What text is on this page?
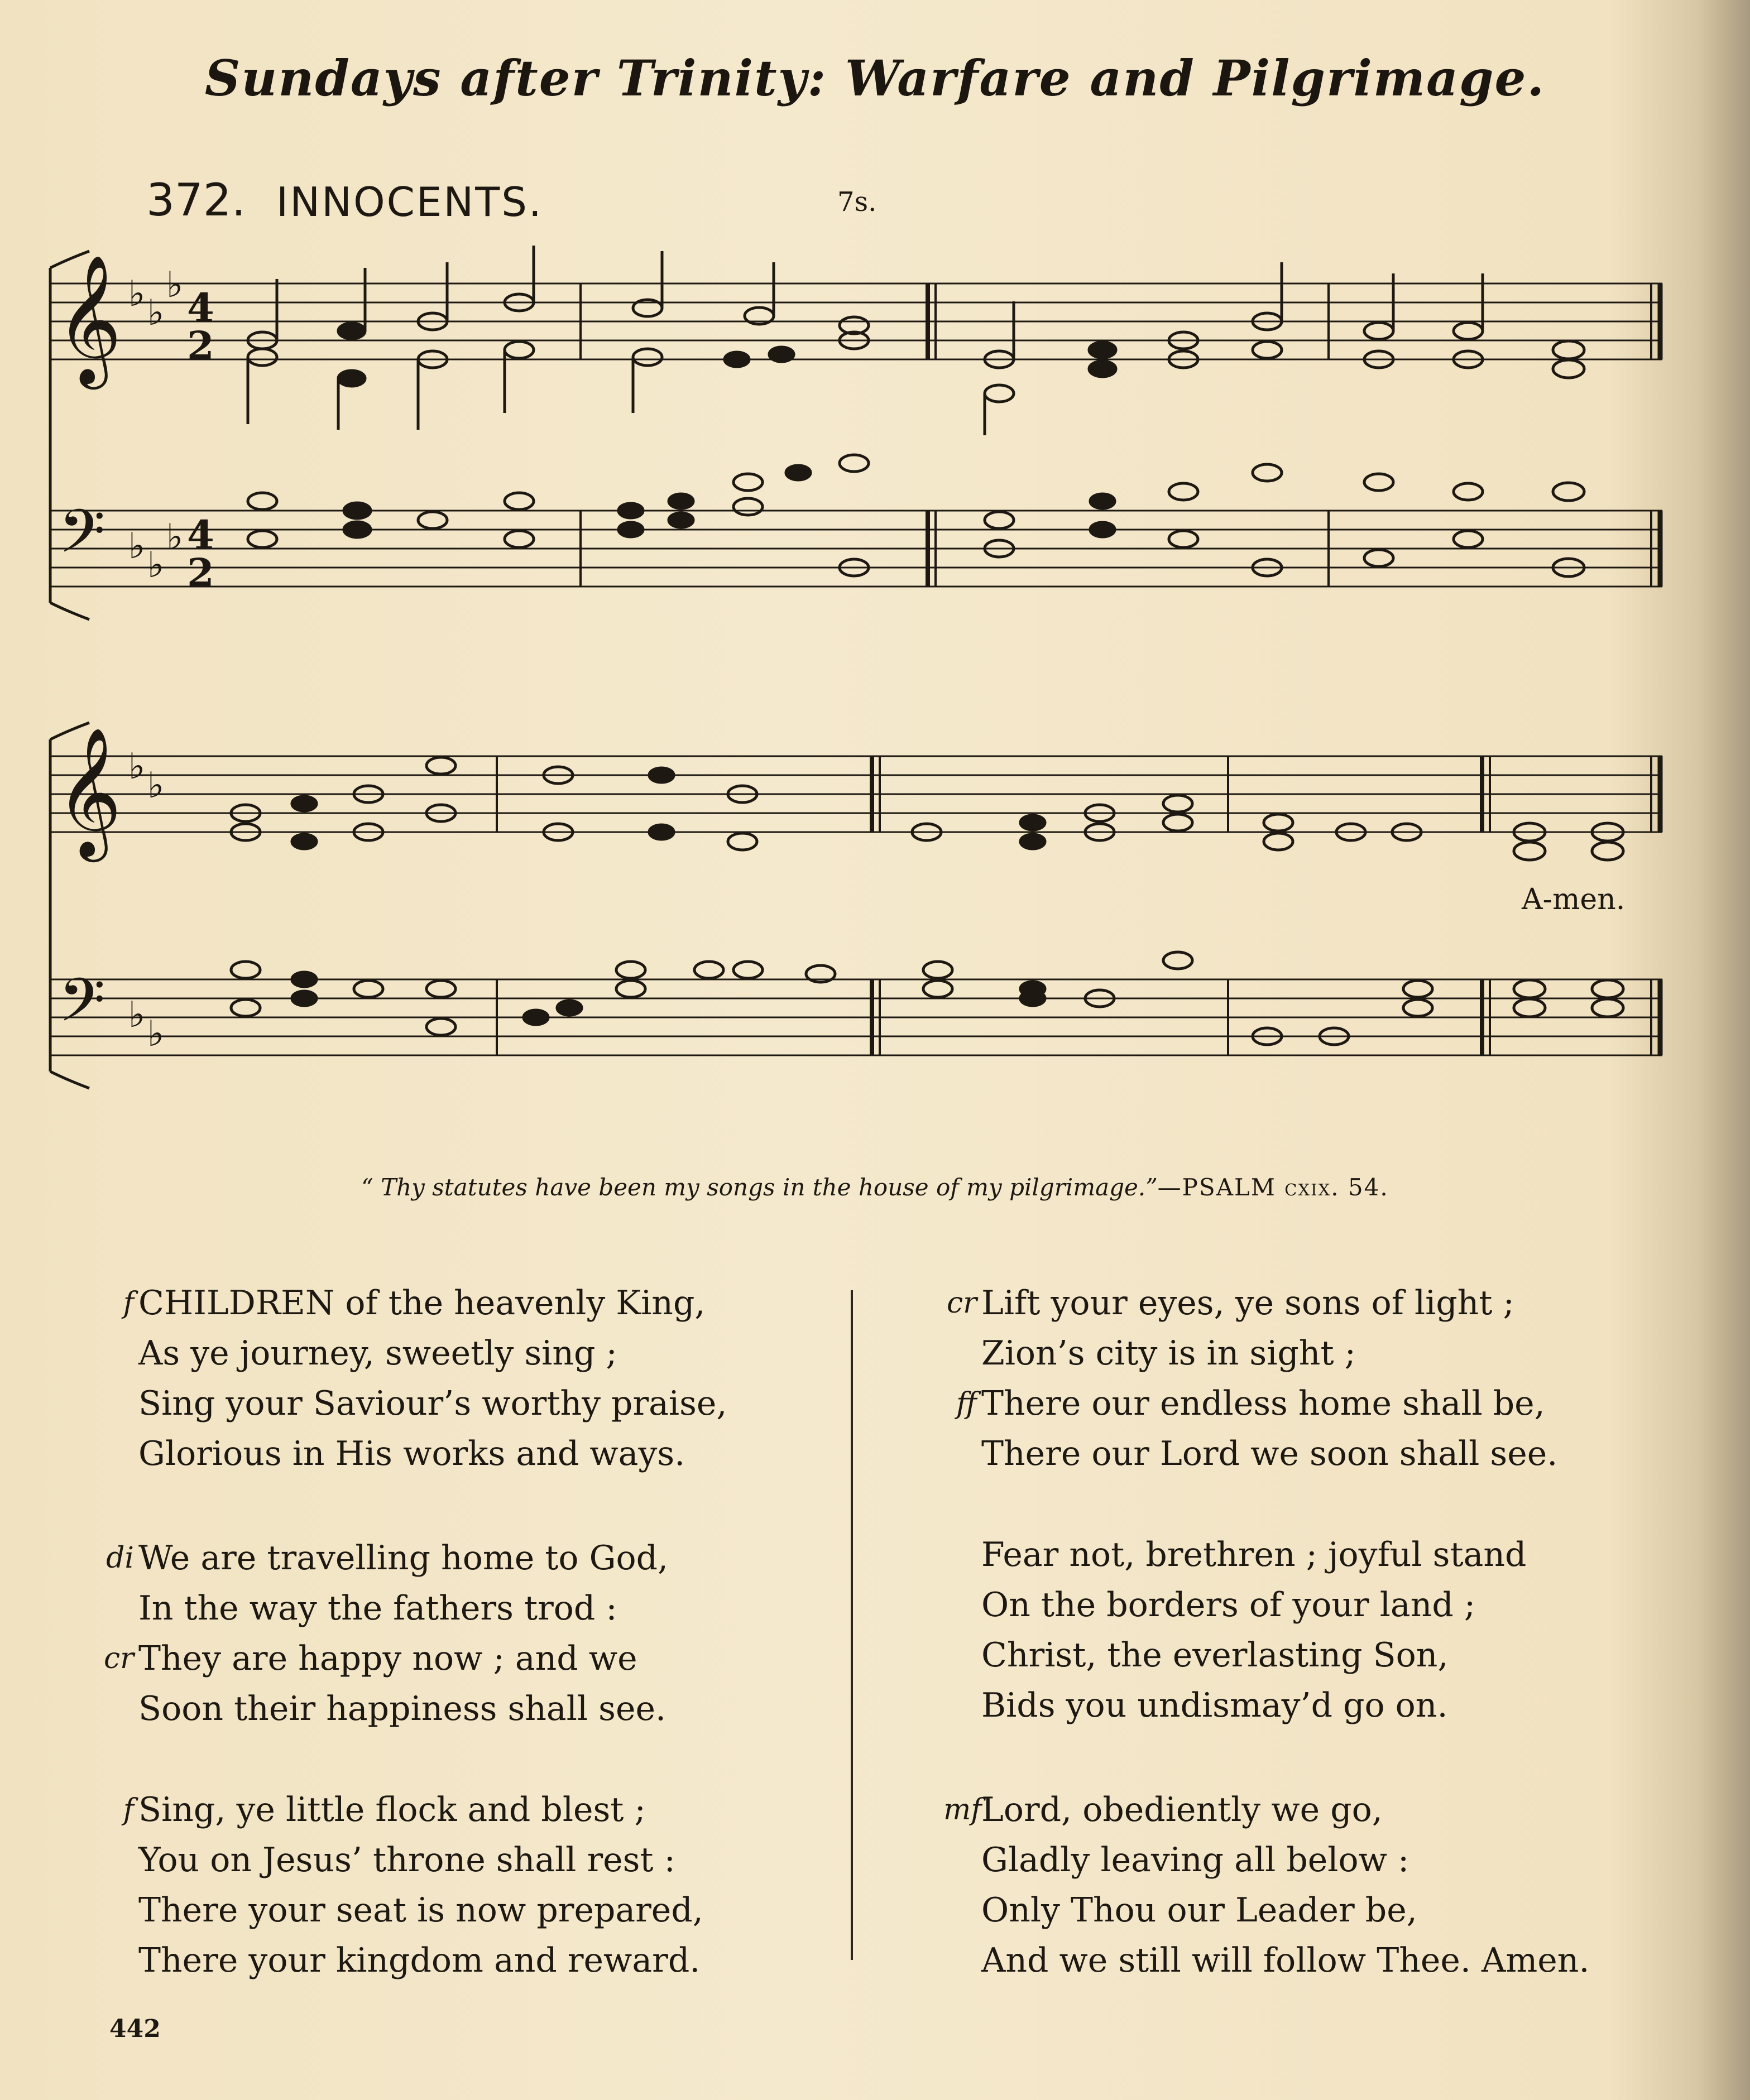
Sundays after Trinity: Warfare and Pilgrimage.
372. INNOCENTS.	7s.
𝄞
𝄢
𝄞
𝄢
♭ ♭
♭
♭ ♭
♭
♭ ♭
♭ ♭
4
2
4
2
A-men.
“ Thy statutes have been my songs in the house of my pilgrimage.”—PSALM cxix. 54.
f CHILDREN of the heavenly King,
As ye journey, sweetly sing ;
Sing your Saviour’s worthy praise,
Glorious in His works and ways.
di We are travelling home to God,
In the way the fathers trod :
cr They are happy now ; and we
Soon their happiness shall see.
f Sing, ye little flock and blest ;
You on Jesus’ throne shall rest :
There your seat is now prepared,
There your kingdom and reward.
cr Lift your eyes, ye sons of light ;
Zion’s city is in sight ;
ff There our endless home shall be,
There our Lord we soon shall see.
Fear not, brethren ; joyful stand
On the borders of your land ;
Christ, the everlasting Son,
Bids you undismay’d go on.
mf Lord, obediently we go,
Gladly leaving all below :
Only Thou our Leader be,
And we still will follow Thee. Amen.
442
